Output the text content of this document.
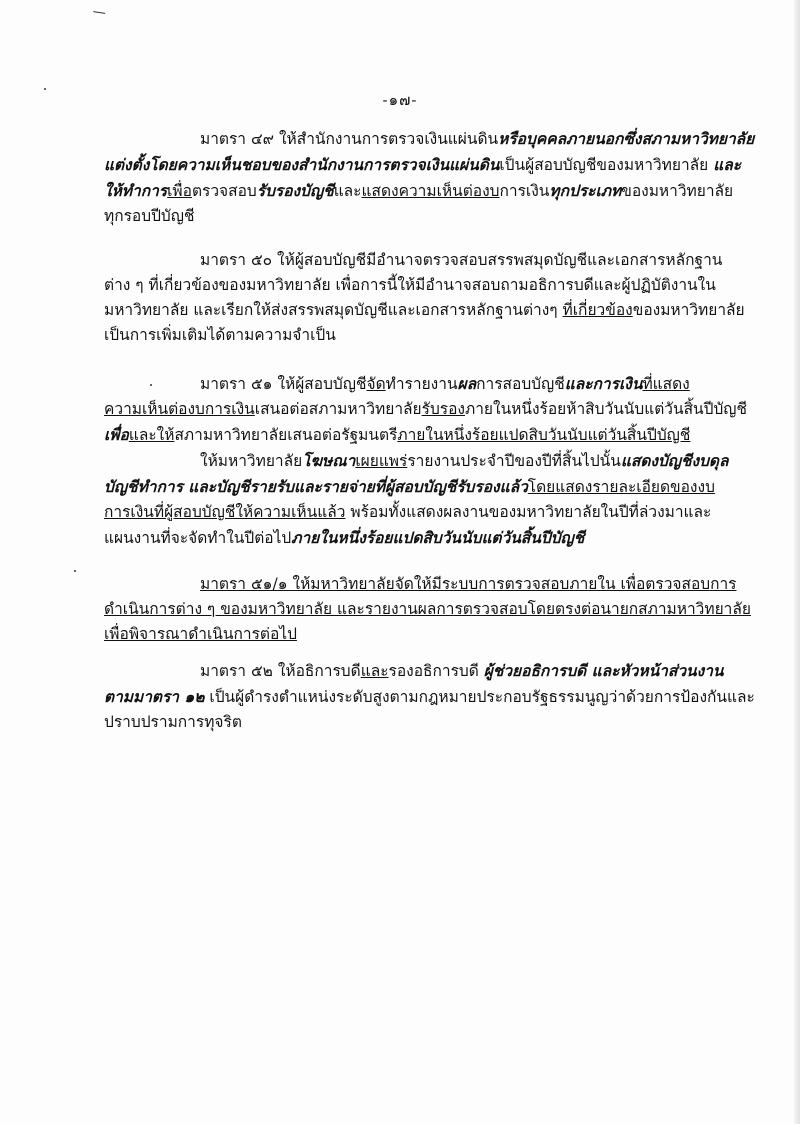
-๑๗-
มาตรา ๔๙ ให้สำนักงานการตรวจเงินแผ่นดินหรือบุคคลภายนอกซึ่งสภามหาวิทยาลัย
แต่งตั้งโดยความเห็นชอบของสำนักงานการตรวจเงินแผ่นดินเป็นผู้สอบบัญชีของมหาวิทยาลัย และ
ให้ทำการเพื่อตรวจสอบรับรองบัญชีและแสดงความเห็นต่องบการเงินทุกประเภทของมหาวิทยาลัย
ทุกรอบปีบัญชี
มาตรา ๕๐ ให้ผู้สอบบัญชีมีอำนาจตรวจสอบสรรพสมุดบัญชีและเอกสารหลักฐาน
ต่าง ๆ ที่เกี่ยวข้องของมหาวิทยาลัย เพื่อการนี้ให้มีอำนาจสอบถามอธิการบดีและผู้ปฏิบัติงานใน
มหาวิทยาลัย และเรียกให้ส่งสรรพสมุดบัญชีและเอกสารหลักฐานต่างๆ ที่เกี่ยวข้องของมหาวิทยาลัย
เป็นการเพิ่มเติมได้ตามความจำเป็น
มาตรา ๕๑ ให้ผู้สอบบัญชีจัดทำรายงานผลการสอบบัญชีและการเงินที่แสดง
ความเห็นต่องบการเงินเสนอต่อสภามหาวิทยาลัยรับรองภายในหนึ่งร้อยห้าสิบวันนับแต่วันสิ้นปีบัญชี
เพื่อและให้สภามหาวิทยาลัยเสนอต่อรัฐมนตรีภายในหนึ่งร้อยแปดสิบวันนับแต่วันสิ้นปีบัญชี
ให้มหาวิทยาลัยโฆษณาเผยแพร่รายงานประจำปีของปีที่สิ้นไปนั้นแสดงบัญชีงบดุล
บัญชีทำการ และบัญชีรายรับและรายจ่ายที่ผู้สอบบัญชีรับรองแล้วโดยแสดงรายละเอียดของงบ
การเงินที่ผู้สอบบัญชีให้ความเห็นแล้ว พร้อมทั้งแสดงผลงานของมหาวิทยาลัยในปีที่ล่วงมาและ
แผนงานที่จะจัดทำในปีต่อไปภายในหนึ่งร้อยแปดสิบวันนับแต่วันสิ้นปีบัญชี
มาตรา ๕๑/๑ ให้มหาวิทยาลัยจัดให้มีระบบการตรวจสอบภายใน เพื่อตรวจสอบการ
ดำเนินการต่าง ๆ ของมหาวิทยาลัย และรายงานผลการตรวจสอบโดยตรงต่อนายกสภามหาวิทยาลัย
เพื่อพิจารณาดำเนินการต่อไป
มาตรา ๕๒ ให้อธิการบดีและรองอธิการบดี ผู้ช่วยอธิการบดี และหัวหน้าส่วนงาน
ตามมาตรา ๑๒ เป็นผู้ดำรงตำแหน่งระดับสูงตามกฎหมายประกอบรัฐธรรมนูญว่าด้วยการป้องกันและ
ปราบปรามการทุจริต
